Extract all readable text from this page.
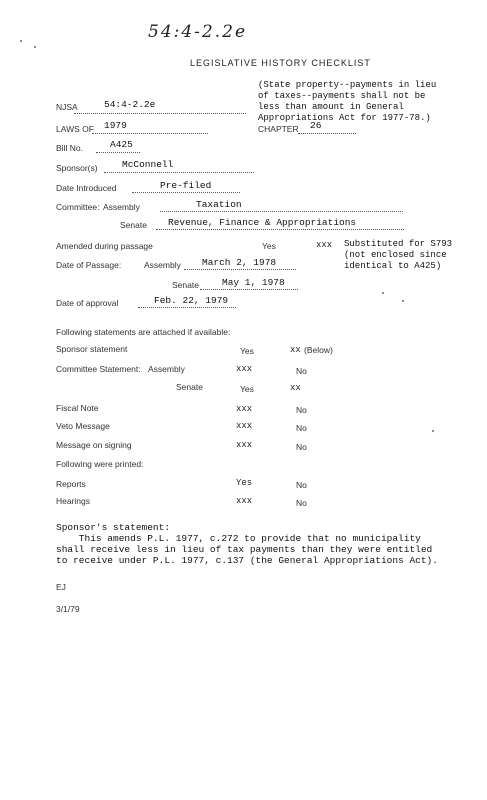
54:4-2.2e
LEGISLATIVE HISTORY CHECKLIST
(State property--payments in lieu
of taxes--payments shall not be
less than amount in General
Appropriations Act for 1977-78.)
NJSA	54:4-2.2e
LAWS OF 1979	CHAPTER 26
Bill No.	A425
Sponsor(s)	McConnell
Date Introduced	Pre-filed
Committee: Assembly	Taxation
Senate Revenue, Finance & Appropriations
Amended during passage	Yes	xxx Substituted for S793
(not enclosed since
identical to A425)
Date of Passage:	Assembly March 2, 1978
Senate May 1, 1978
Date of approval	Feb. 22, 1979
Following statements are attached if available:
Sponsor statement	Yes	xx (Below)
Committee Statement: Assembly	xxx	No
Senate	Yes	xx
Fiscal Note	xxx	No
Veto Message	xxx	No
Message on signing	xxx	No
Following were printed:
Reports	Yes	No
Hearings	xxx	No
Sponsor's statement:
This amends P.L. 1977, c.272 to provide that no municipality
shall receive less in lieu of tax payments than they were entitled
to receive under P.L. 1977, c.137 (the General Appropriations Act).
EJ
3/1/79
